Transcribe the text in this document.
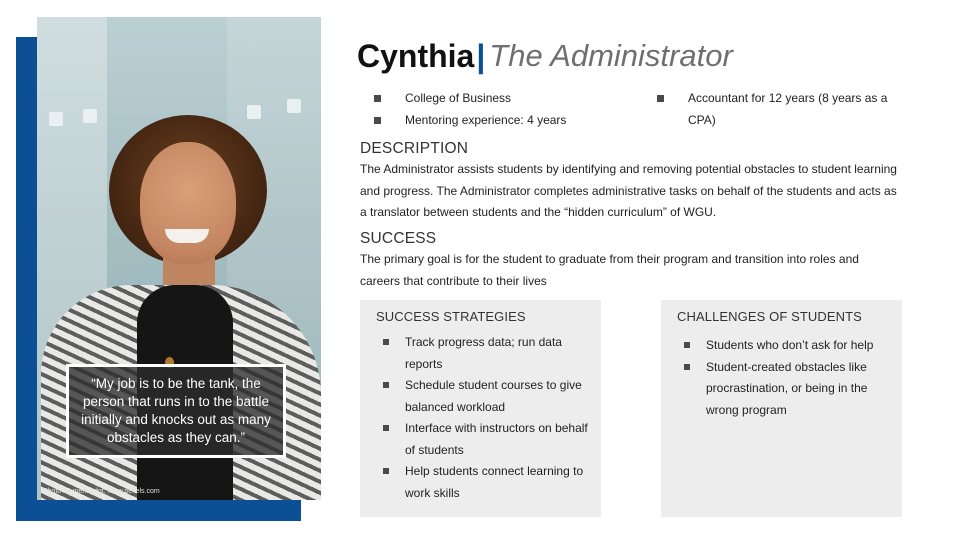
“My job is to be the tank, the person that runs in to the battle initially and knocks out as many obstacles as they can.”
Photo by mentatdgt: www.pexels.com
Cynthia | The Administrator
College of Business
Mentoring experience: 4 years
Accountant for 12 years (8 years as a CPA)
DESCRIPTION
The Administrator assists students by identifying and removing potential obstacles to student learning and progress. The Administrator completes administrative tasks on behalf of the students and acts as a translator between students and the “hidden curriculum” of WGU.
SUCCESS
The primary goal is for the student to graduate from their program and transition into roles and careers that contribute to their lives
SUCCESS STRATEGIES
Track progress data; run data reports
Schedule student courses to give balanced workload
Interface with instructors on behalf of students
Help students connect learning to work skills
CHALLENGES OF STUDENTS
Students who don’t ask for help
Student-created obstacles like procrastination, or being in the wrong program
